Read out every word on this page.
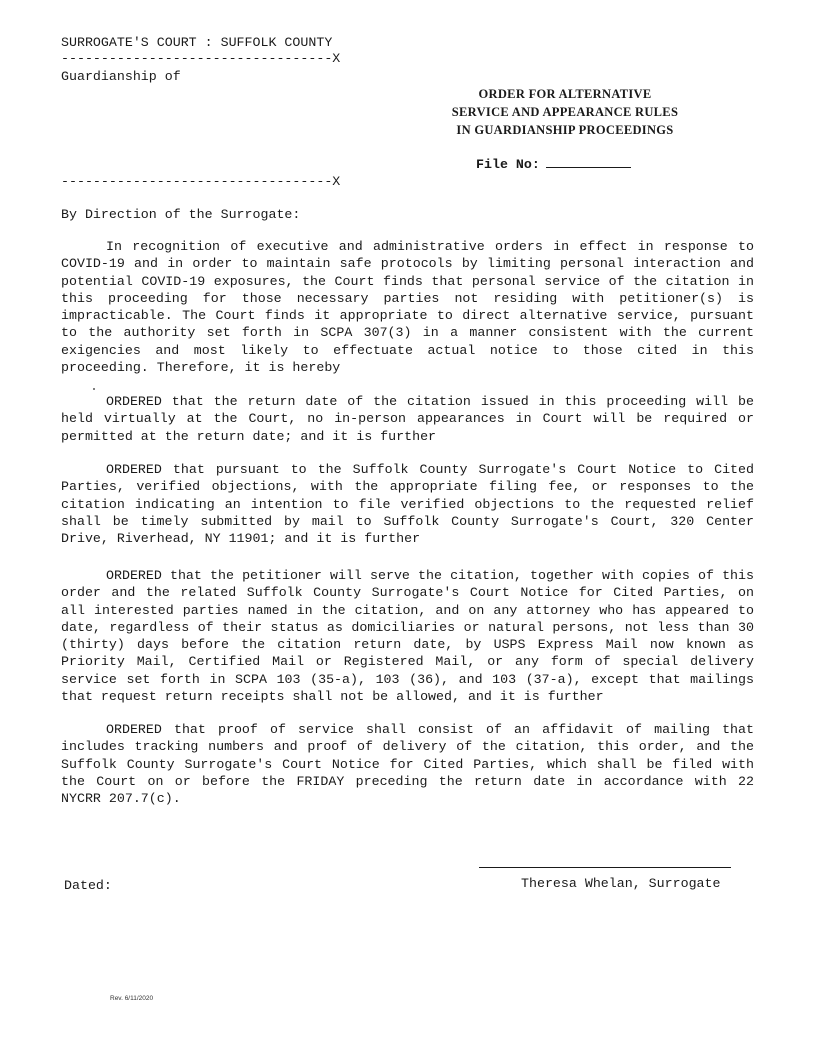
SURROGATE'S COURT : SUFFOLK COUNTY
----------------------------------X
Guardianship of
----------------------------------X
ORDER FOR ALTERNATIVE
SERVICE AND APPEARANCE RULES
IN GUARDIANSHIP PROCEEDINGS
File No:
By Direction of the Surrogate:
In recognition of executive and administrative orders in effect in response to COVID-19 and in order to maintain safe protocols by limiting personal interaction and potential COVID-19 exposures, the Court finds that personal service of the citation in this proceeding for those necessary parties not residing with petitioner(s) is impracticable. The Court finds it appropriate to direct alternative service, pursuant to the authority set forth in SCPA 307(3) in a manner consistent with the current exigencies and most likely to effectuate actual notice to those cited in this proceeding. Therefore, it is hereby
ORDERED that the return date of the citation issued in this proceeding will be held virtually at the Court, no in-person appearances in Court will be required or permitted at the return date; and it is further
ORDERED that pursuant to the Suffolk County Surrogate's Court Notice to Cited Parties, verified objections, with the appropriate filing fee, or responses to the citation indicating an intention to file verified objections to the requested relief shall be timely submitted by mail to Suffolk County Surrogate's Court, 320 Center Drive, Riverhead, NY 11901; and it is further
ORDERED that the petitioner will serve the citation, together with copies of this order and the related Suffolk County Surrogate's Court Notice for Cited Parties, on all interested parties named in the citation, and on any attorney who has appeared to date, regardless of their status as domiciliaries or natural persons, not less than 30 (thirty) days before the citation return date, by USPS Express Mail now known as Priority Mail, Certified Mail or Registered Mail, or any form of special delivery service set forth in SCPA 103 (35-a), 103 (36), and 103 (37-a), except that mailings that request return receipts shall not be allowed, and it is further
ORDERED that proof of service shall consist of an affidavit of mailing that includes tracking numbers and proof of delivery of the citation, this order, and the Suffolk County Surrogate's Court Notice for Cited Parties, which shall be filed with the Court on or before the FRIDAY preceding the return date in accordance with 22 NYCRR 207.7(c).
Dated:	Theresa Whelan, Surrogate
Rev. 6/11/2020
